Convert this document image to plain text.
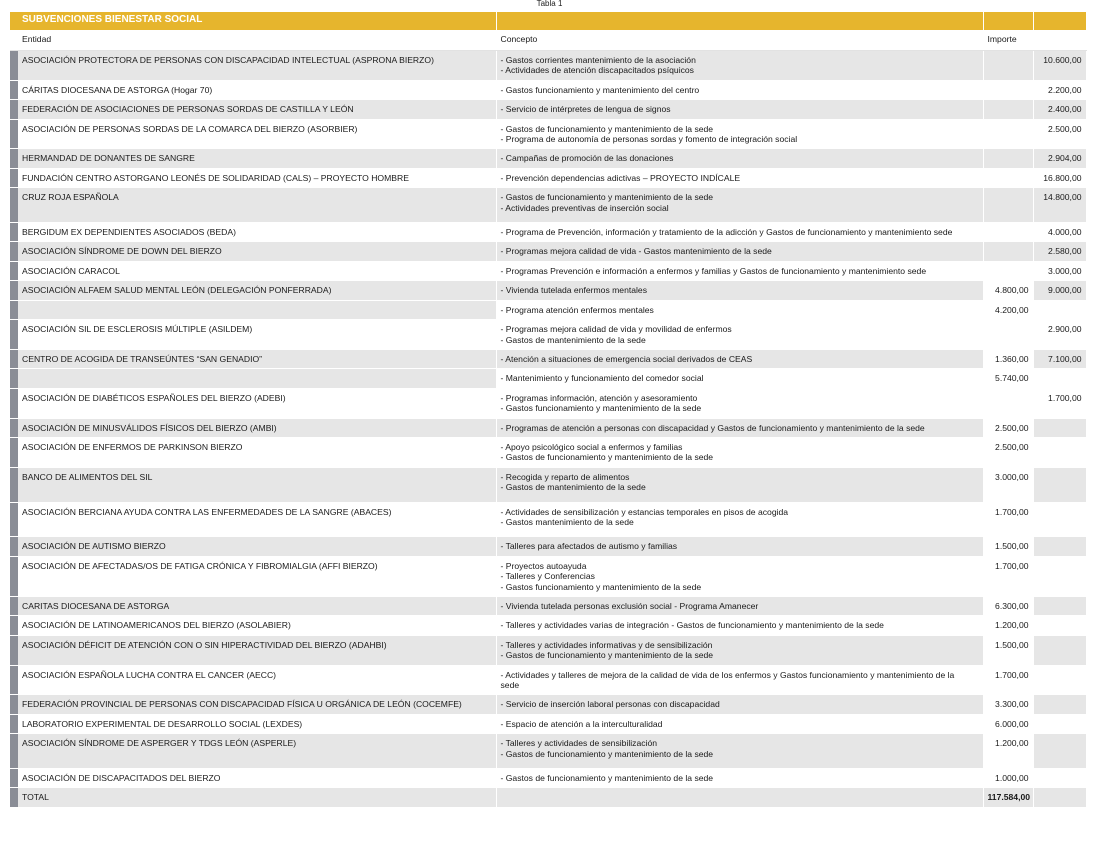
Tabla 1
	SUBVENCIONES BIENESTAR SOCIAL			
	Entidad	Concepto	Importe	
	ASOCIACIÓN PROTECTORA DE PERSONAS CON DISCAPACIDAD INTELECTUAL (ASPRONA BIERZO)	- Gastos corrientes mantenimiento de la asociación
- Actividades de atención discapacitados psíquicos		10.600,00
	CÁRITAS DIOCESANA DE ASTORGA (Hogar 70)	- Gastos funcionamiento y mantenimiento del centro		2.200,00
	FEDERACIÓN DE ASOCIACIONES DE PERSONAS SORDAS DE CASTILLA Y LEÓN	- Servicio de intérpretes de lengua de signos		2.400,00
	ASOCIACIÓN DE PERSONAS SORDAS DE LA COMARCA DEL BIERZO (ASORBIER)	- Gastos de funcionamiento y mantenimiento de la sede
- Programa de autonomía de personas sordas y fomento de integración social		2.500,00
	HERMANDAD DE DONANTES DE SANGRE	- Campañas de promoción de las donaciones		2.904,00
	FUNDACIÓN CENTRO ASTORGANO LEONÉS DE SOLIDARIDAD (CALS) – PROYECTO HOMBRE	- Prevención dependencias adictivas – PROYECTO INDÍCALE		16.800,00
	CRUZ ROJA ESPAÑOLA	- Gastos de funcionamiento y mantenimiento de la sede
- Actividades preventivas de inserción social		14.800,00
	BERGIDUM EX DEPENDIENTES ASOCIADOS (BEDA)	- Programa de Prevención, información y tratamiento de la adicción y Gastos de funcionamiento y mantenimiento sede		4.000,00
	ASOCIACIÓN SÍNDROME DE DOWN DEL BIERZO	- Programas mejora calidad de vida - Gastos mantenimiento de la sede		2.580,00
	ASOCIACIÓN CARACOL	- Programas Prevención e información a enfermos y familias y Gastos de funcionamiento y mantenimiento sede		3.000,00
	ASOCIACIÓN ALFAEM SALUD MENTAL LEÓN (DELEGACIÓN PONFERRADA)	- Vivienda tutelada enfermos mentales	4.800,00	9.000,00

		- Programa atención enfermos mentales	4.200,00	
	ASOCIACIÓN SIL DE ESCLEROSIS MÚLTIPLE (ASILDEM)	- Programas mejora calidad de vida y movilidad de enfermos
- Gastos de mantenimiento de la sede		2.900,00
	CENTRO DE ACOGIDA DE TRANSEÚNTES “SAN GENADIO”	- Atención a situaciones de emergencia social derivados de CEAS	1.360,00	7.100,00

		- Mantenimiento y funcionamiento del comedor social	5.740,00	
	ASOCIACIÓN DE DIABÉTICOS ESPAÑOLES DEL BIERZO (ADEBI)	- Programas información, atención y asesoramiento
- Gastos funcionamiento y mantenimiento de la sede		1.700,00
	ASOCIACIÓN DE MINUSVÁLIDOS FÍSICOS DEL BIERZO (AMBI)	- Programas de atención a personas con discapacidad y Gastos de funcionamiento y mantenimiento de la sede	2.500,00	
	ASOCIACIÓN DE ENFERMOS DE PARKINSON BIERZO	- Apoyo psicológico social a enfermos y familias
- Gastos de funcionamiento y mantenimiento de la sede	2.500,00	
	BANCO DE ALIMENTOS DEL SIL	- Recogida y reparto de alimentos
- Gastos de mantenimiento de la sede	3.000,00	
	ASOCIACIÓN BERCIANA AYUDA CONTRA LAS ENFERMEDADES DE LA SANGRE (ABACES)	- Actividades de sensibilización y estancias temporales en pisos de acogida
- Gastos mantenimiento de la sede	1.700,00	
	ASOCIACIÓN DE AUTISMO BIERZO	- Talleres para afectados de autismo y familias	1.500,00	
	ASOCIACIÓN DE AFECTADAS/OS DE FATIGA CRÓNICA Y FIBROMIALGIA (AFFI BIERZO)	- Proyectos autoayuda
- Talleres y Conferencias
- Gastos funcionamiento y mantenimiento de la sede	1.700,00	
	CARITAS DIOCESANA DE ASTORGA	- Vivienda tutelada personas exclusión social - Programa Amanecer	6.300,00	
	ASOCIACIÓN DE LATINOAMERICANOS DEL BIERZO (ASOLABIER)	- Talleres y actividades varias de integración - Gastos de funcionamiento y mantenimiento de la sede	1.200,00	
	ASOCIACIÓN DÉFICIT DE ATENCIÓN CON O SIN HIPERACTIVIDAD DEL BIERZO (ADAHBI)	- Talleres y actividades informativas y de sensibilización
- Gastos de funcionamiento y mantenimiento de la sede	1.500,00	
	ASOCIACIÓN ESPAÑOLA LUCHA CONTRA EL CANCER (AECC)	- Actividades y talleres de mejora de la calidad de vida de los enfermos y Gastos funcionamiento y mantenimiento de la
sede	1.700,00	
	FEDERACIÓN PROVINCIAL DE PERSONAS CON DISCAPACIDAD FÍSICA U ORGÁNICA DE LEÓN (COCEMFE)	- Servicio de inserción laboral personas con discapacidad	3.300,00	
	LABORATORIO EXPERIMENTAL DE DESARROLLO SOCIAL (LEXDES)	- Espacio de atención a la interculturalidad	6.000,00	
	ASOCIACIÓN SÍNDROME DE ASPERGER Y TDGS LEÓN (ASPERLE)	- Talleres y actividades de sensibilización
- Gastos de funcionamiento y mantenimiento de la sede	1.200,00	
	ASOCIACIÓN DE DISCAPACITADOS DEL BIERZO	- Gastos de funcionamiento y mantenimiento de la sede	1.000,00	
	TOTAL		117.584,00	
